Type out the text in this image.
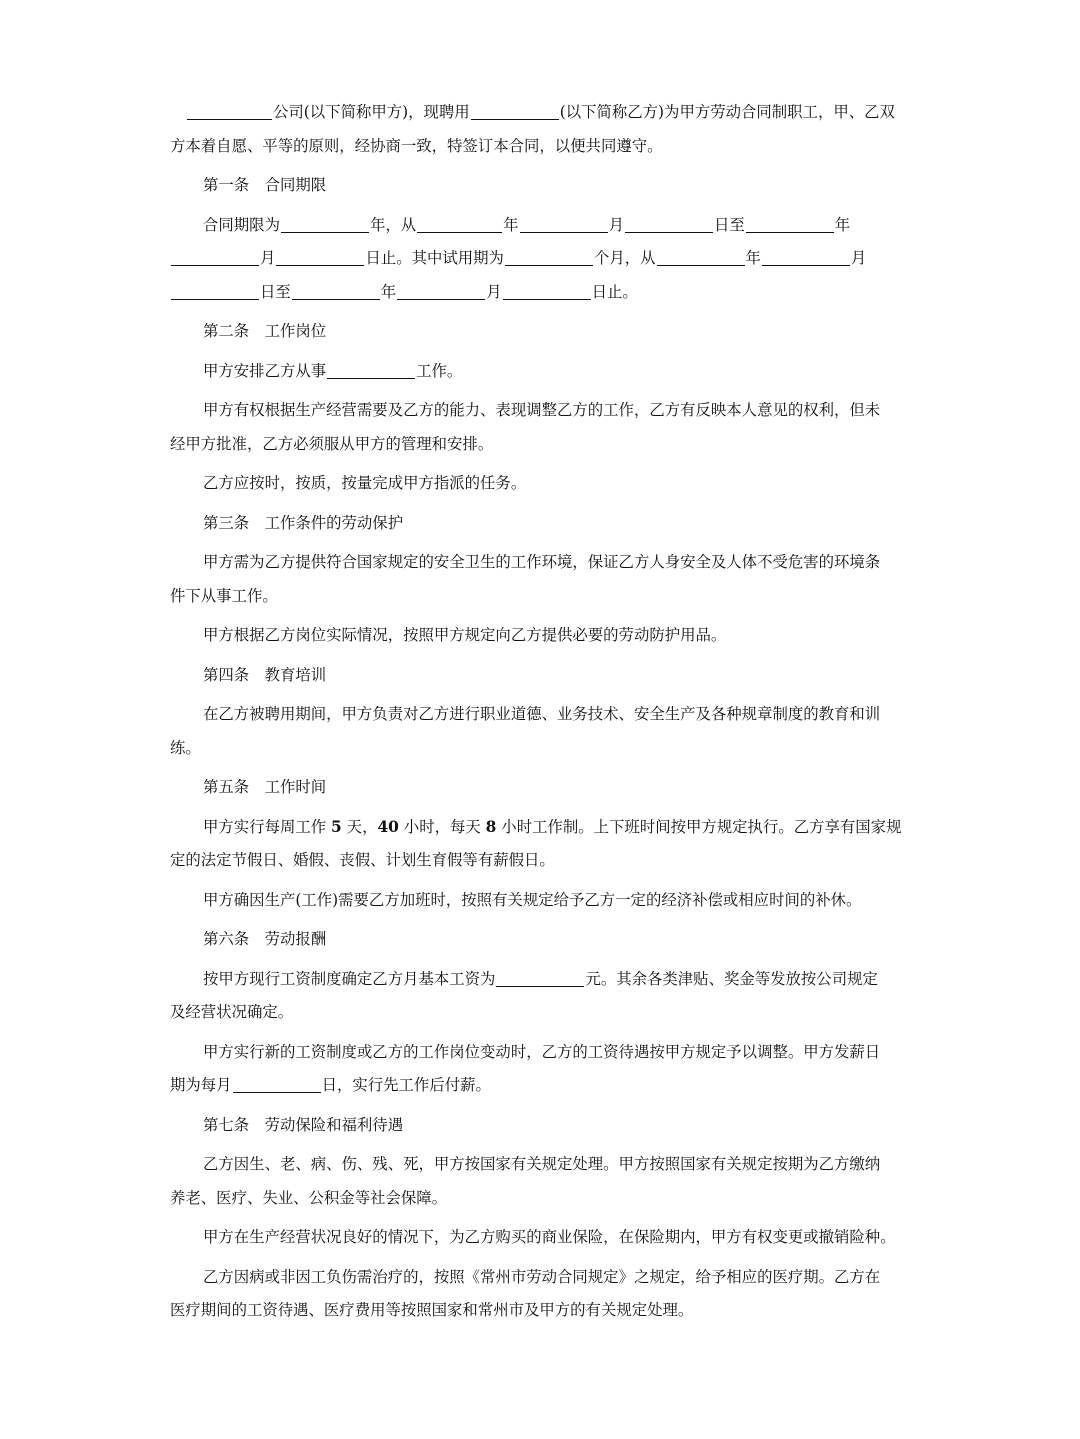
公司(以下简称甲方)，现聘用	(以下简称乙方)为甲方劳动合同制职工，甲、乙双
方本着自愿、平等的原则，经协商一致，特签订本合同，以便共同遵守。
第一条　合同期限
合同期限为	年，从	年	月	日至	年
月	日止。其中试用期为	个月，从	年	月
日至	年	月	日止。
第二条　工作岗位
甲方安排乙方从事	工作。
甲方有权根据生产经营需要及乙方的能力、表现调整乙方的工作，乙方有反映本人意见的权利，但未
经甲方批准，乙方必须服从甲方的管理和安排。
乙方应按时，按质，按量完成甲方指派的任务。
第三条　工作条件的劳动保护
甲方需为乙方提供符合国家规定的安全卫生的工作环境，保证乙方人身安全及人体不受危害的环境条
件下从事工作。
甲方根据乙方岗位实际情况，按照甲方规定向乙方提供必要的劳动防护用品。
第四条　教育培训
在乙方被聘用期间，甲方负责对乙方进行职业道德、业务技术、安全生产及各种规章制度的教育和训
练。
第五条　工作时间
甲方实行每周工作 5 天，40 小时，每天 8 小时工作制。上下班时间按甲方规定执行。乙方享有国家规
定的法定节假日、婚假、丧假、计划生育假等有薪假日。
甲方确因生产(工作)需要乙方加班时，按照有关规定给予乙方一定的经济补偿或相应时间的补休。
第六条　劳动报酬
按甲方现行工资制度确定乙方月基本工资为	元。其余各类津贴、奖金等发放按公司规定
及经营状况确定。
甲方实行新的工资制度或乙方的工作岗位变动时，乙方的工资待遇按甲方规定予以调整。甲方发薪日
期为每月	日，实行先工作后付薪。
第七条　劳动保险和福利待遇
乙方因生、老、病、伤、残、死，甲方按国家有关规定处理。甲方按照国家有关规定按期为乙方缴纳
养老、医疗、失业、公积金等社会保障。
甲方在生产经营状况良好的情况下，为乙方购买的商业保险，在保险期内，甲方有权变更或撤销险种。
乙方因病或非因工负伤需治疗的，按照《常州市劳动合同规定》之规定，给予相应的医疗期。乙方在
医疗期间的工资待遇、医疗费用等按照国家和常州市及甲方的有关规定处理。
